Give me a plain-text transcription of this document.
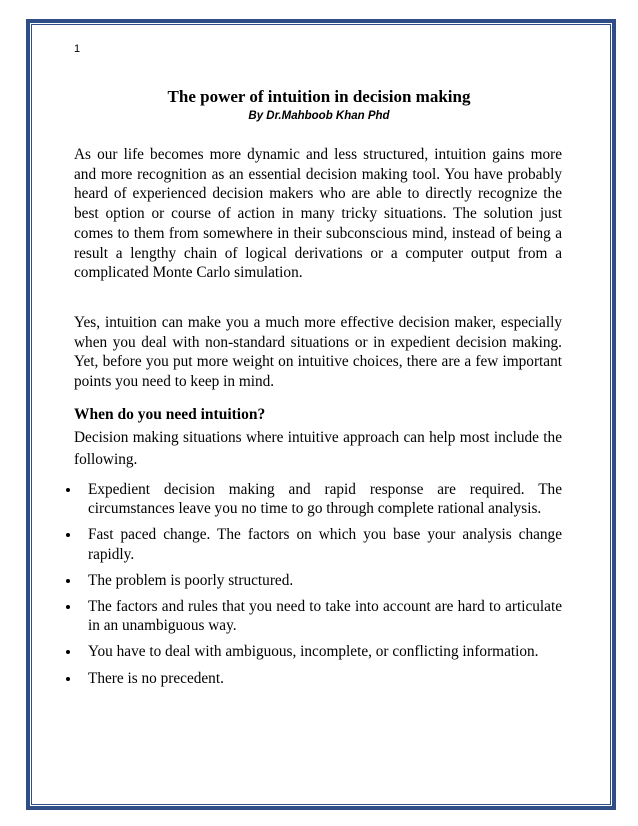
1
The power of intuition in decision making
By Dr.Mahboob Khan Phd

As our life becomes more dynamic and less structured, intuition gains more and more recognition as an essential decision making tool. You have probably heard of experienced decision makers who are able to directly recognize the best option or course of action in many tricky situations. The solution just comes to them from somewhere in their subconscious mind, instead of being a result a lengthy chain of logical derivations or a computer output from a complicated Monte Carlo simulation.

Yes, intuition can make you a much more effective decision maker, especially when you deal with non-standard situations or in expedient decision making. Yet, before you put more weight on intuitive choices, there are a few important points you need to keep in mind.

When do you need intuition?

Decision making situations where intuitive approach can help most include the following.

Expedient decision making and rapid response are required. The circumstances leave you no time to go through complete rational analysis.
Fast paced change. The factors on which you base your analysis change rapidly.
The problem is poorly structured.
The factors and rules that you need to take into account are hard to articulate in an unambiguous way.
You have to deal with ambiguous, incomplete, or conflicting information.
There is no precedent.
